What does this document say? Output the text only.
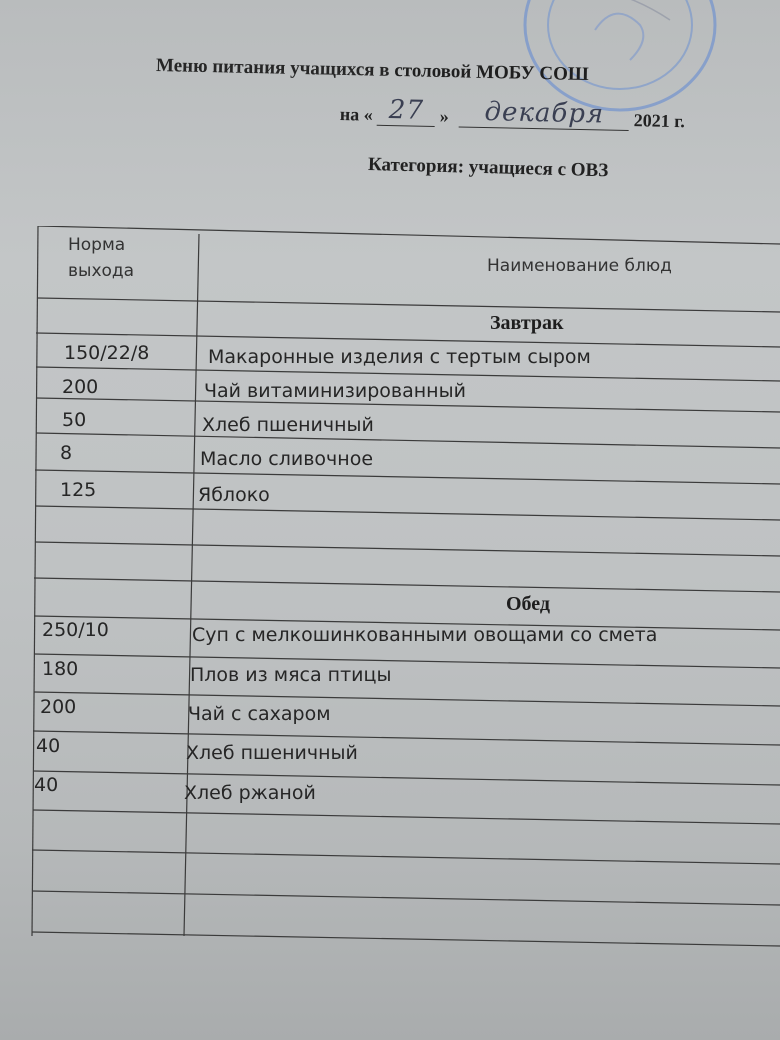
Меню питания учащихся в столовой МОБУ СОШ
на « 27 » декабря 2021 г.
Категория: учащиеся с ОВЗ
Норма выхода	Наименование блюд
Завтрак
150/22/8	Макаронные изделия с тертым сыром
200	Чай витаминизированный
50	Хлеб пшеничный
8	Масло сливочное
125	Яблоко
Обед
250/10	Суп с мелкошинкованными овощами со смета
180	Плов из мяса птицы
200	Чай с сахаром
40	Хлеб пшеничный
40	Хлеб ржаной
